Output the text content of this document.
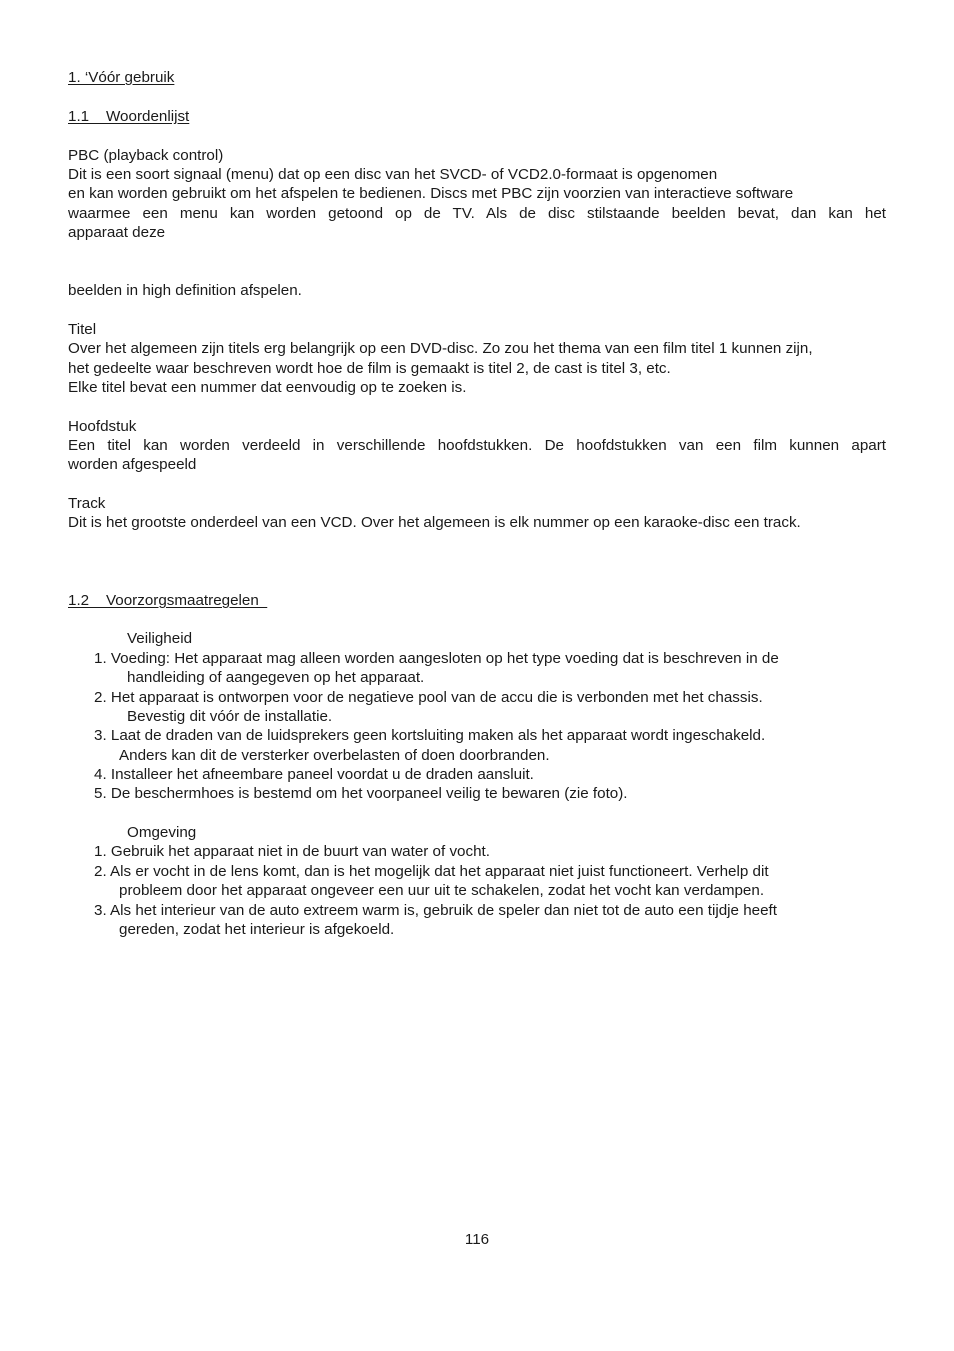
1. ‘Vóór gebruik
1.1    Woordenlijst
PBC (playback control)
Dit is een soort signaal (menu) dat op een disc van het SVCD- of VCD2.0-formaat is opgenomen
en kan worden gebruikt om het afspelen te bedienen. Discs met PBC zijn voorzien van interactieve software
waarmee een menu kan worden getoond op de TV. Als de disc stilstaande beelden bevat, dan kan het
apparaat deze
beelden in high definition afspelen.
Titel
Over het algemeen zijn titels erg belangrijk op een DVD-disc. Zo zou het thema van een film titel 1 kunnen zijn,
het gedeelte waar beschreven wordt hoe de film is gemaakt is titel 2, de cast is titel 3, etc.
Elke titel bevat een nummer dat eenvoudig op te zoeken is.
Hoofdstuk
Een titel kan worden verdeeld in verschillende hoofdstukken. De hoofdstukken van een film kunnen apart
worden afgespeeld
Track
Dit is het grootste onderdeel van een VCD. Over het algemeen is elk nummer op een karaoke-disc een track.
1.2    Voorzorgsmaatregelen
Veiligheid
1. Voeding: Het apparaat mag alleen worden aangesloten op het type voeding dat is beschreven in de
handleiding of aangegeven op het apparaat.
2. Het apparaat is ontworpen voor de negatieve pool van de accu die is verbonden met het chassis.
Bevestig dit vóór de installatie.
3. Laat de draden van de luidsprekers geen kortsluiting maken als het apparaat wordt ingeschakeld.
Anders kan dit de versterker overbelasten of doen doorbranden.
4. Installeer het afneembare paneel voordat u de draden aansluit.
5. De beschermhoes is bestemd om het voorpaneel veilig te bewaren (zie foto).
Omgeving
1. Gebruik het apparaat niet in de buurt van water of vocht.
2. Als er vocht in de lens komt, dan is het mogelijk dat het apparaat niet juist functioneert. Verhelp dit
probleem door het apparaat ongeveer een uur uit te schakelen, zodat het vocht kan verdampen.
3. Als het interieur van de auto extreem warm is, gebruik de speler dan niet tot de auto een tijdje heeft
gereden, zodat het interieur is afgekoeld.
116
